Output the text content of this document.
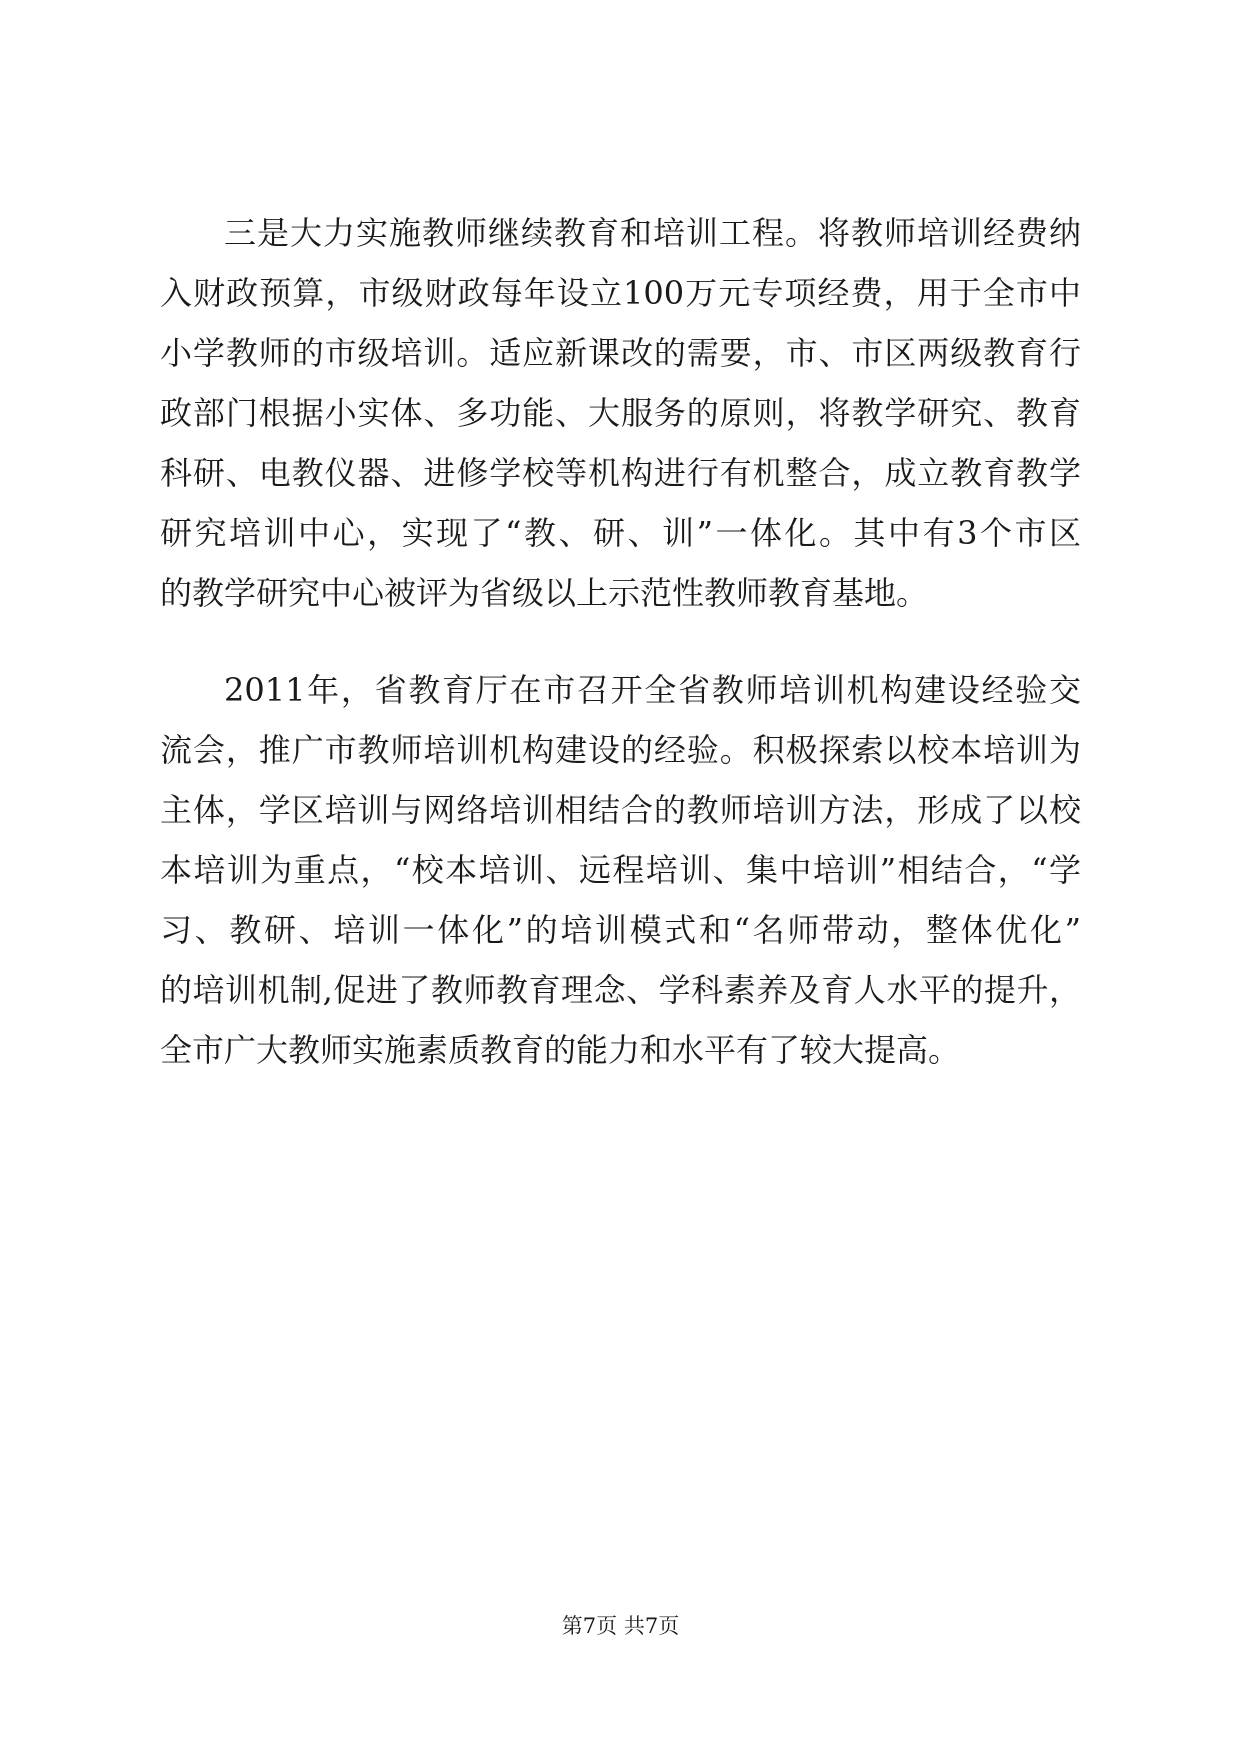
三是大力实施教师继续教育和培训工程。将教师培训经费纳
入财政预算，市级财政每年设立100万元专项经费，用于全市中
小学教师的市级培训。适应新课改的需要，市、市区两级教育行
政部门根据小实体、多功能、大服务的原则，将教学研究、教育
科研、电教仪器、进修学校等机构进行有机整合，成立教育教学
研究培训中心，实现了“教、研、训”一体化。其中有3个市区
的教学研究中心被评为省级以上示范性教师教育基地。
2011年，省教育厅在市召开全省教师培训机构建设经验交
流会，推广市教师培训机构建设的经验。积极探索以校本培训为
主体，学区培训与网络培训相结合的教师培训方法，形成了以校
本培训为重点，“校本培训、远程培训、集中培训”相结合，“学
习、教研、培训一体化”的培训模式和“名师带动，整体优化”
的培训机制,促进了教师教育理念、学科素养及育人水平的提升，
全市广大教师实施素质教育的能力和水平有了较大提高。
第7页 共7页
